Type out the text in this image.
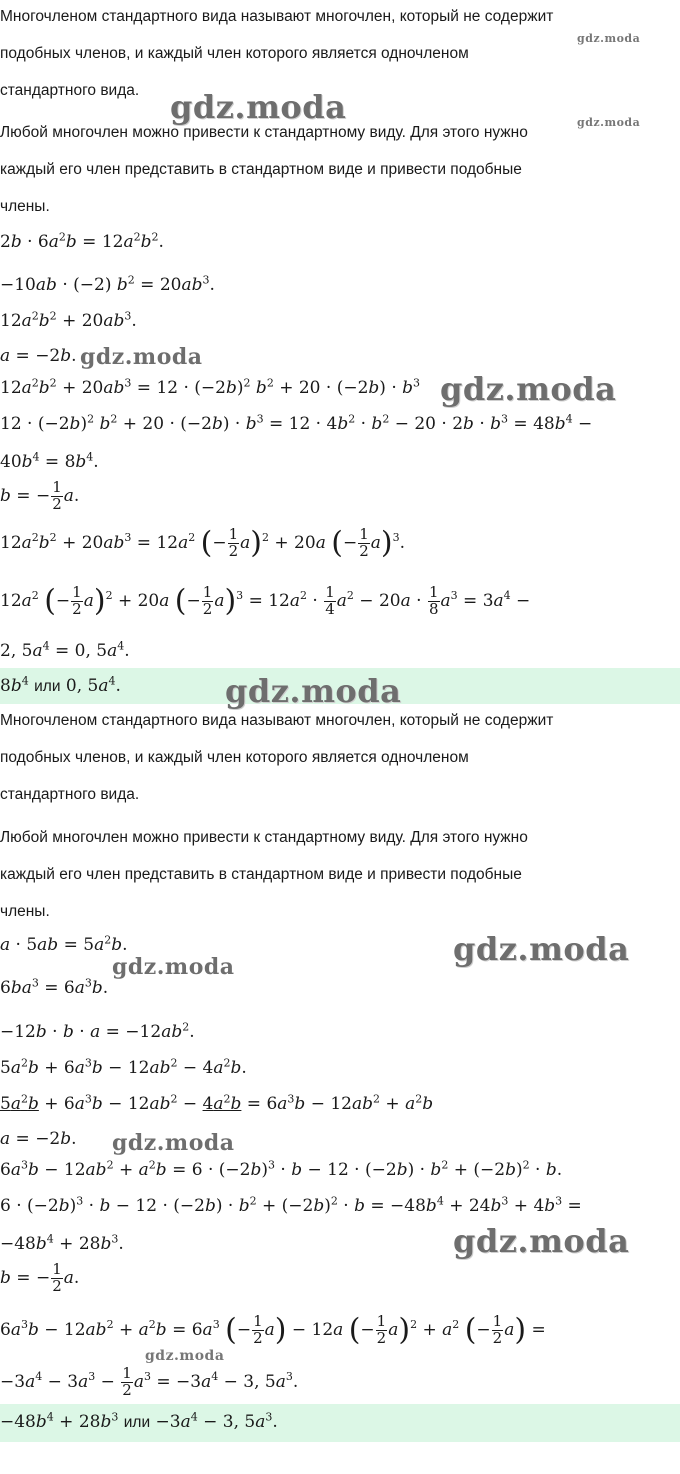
Многочленом стандартного вида называют многочлен, который не содержит
подобных членов, и каждый член которого является одночленом
стандартного вида.
Любой многочлен можно привести к стандартному виду. Для этого нужно
каждый его член представить в стандартном виде и привести подобные
члены.
$2b \cdot 6a^2b = 12a^2b^2$.
−10ab · (−2) $b^2 = 20ab^3$.
$12a^2b^2 + 20ab^3$.
a = −2b.
$12a^2b^2 + 20ab^3 = 12 \cdot (-2b)^2$ $b^2 + 20 \cdot (-2b) \cdot b^3$
$12 \cdot (-2b)^2$ $b^2 + 20 \cdot (-2b) \cdot b^3 = 12 \cdot 4b^2 \cdot b^2 - 20 \cdot 2b \cdot b^3 = 48b^4$ −
$40b^4 = 8b^4$.
b = − $\frac{1}{2} a$.
$12a^2b^2 + 20ab^3 = 12a^2$ (− $\frac{1}{2} a)^2 + 20a$ (− $\frac{1}{2} a)^3$.
$12a^2$ (− $\frac{1}{2} a)^2 + 20a$ (− $\frac{1}{2} a)^3 = 12a^2 \cdot \frac{1}{4} a^2 - 20a \cdot \frac{1}{8} a^3 = 3a^4$ −
2, $5a^4 = 0$, $5a^4$.
$8b^4$ или 0, $5a^4$.
Многочленом стандартного вида называют многочлен, который не содержит
подобных членов, и каждый член которого является одночленом
стандартного вида.
Любой многочлен можно привести к стандартному виду. Для этого нужно
каждый его член представить в стандартном виде и привести подобные
члены.
$a \cdot 5ab = 5a^2b$.
$6ba^3 = 6a^3b$.
$-12b \cdot b \cdot a = -12ab^2$.
$5a^2b + 6a^3b - 12ab^2 - 4a^2b$.
$5a^2b + 6a^3b - 12ab^2 - 4a^2b = 6a^3b - 12ab^2 + a^2b$
a = −2b.
$6a^3b - 12ab^2 + a^2b = 6 \cdot (-2b)^3 \cdot b - 12 \cdot (-2b) \cdot b^2 + (-2b)^2 \cdot b$.
$6 \cdot (-2b)^3 \cdot b - 12 \cdot (-2b) \cdot b^2 + (-2b)^2 \cdot b = -48b^4 + 24b^3 + 4b^3$ =
$-48b^4 + 28b^3$.
b = − $\frac{1}{2} a$.
$6a^3b - 12ab^2 + a^2b = 6a^3$ (− $\frac{1}{2} a) - 12a$ (− $\frac{1}{2} a)^2 + a^2$ (− $\frac{1}{2} a$) =
$-3a^4 - 3a^3 - \frac{1}{2} a^3 = -3a^4 - 3$, $5a^3$.
$-48b^4 + 28b^3$ или $-3a^4 - 3$, $5a^3$.
gdz.moda
gdz.moda	gdz.moda
gdz.moda
gdz.moda
gdz.moda
gdz.moda
gdz.moda
gdz.moda
gdz.moda
gdz.moda
